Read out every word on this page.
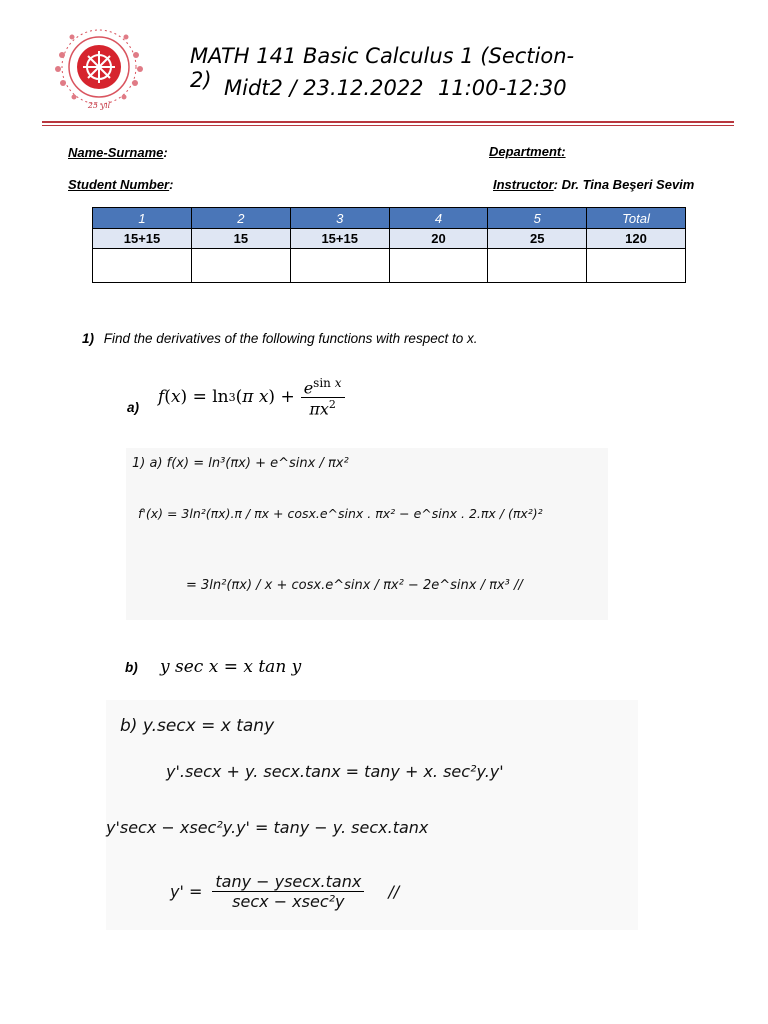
25 yıl
MATH 141 Basic Calculus 1 (Section-2) Midt2 / 23.12.2022 11:00-12:30
Name-Surname:	Department:
Student Number:	Instructor: Dr. Tina Beşeri Sevim
1	2	3	4	5	Total
15+15	15	15+15	20	25	120

1) Find the derivatives of the following functions with respect to x.
a)
f ( x ) = ln 3 ( π x ) + $\frac{e^{sin} ^x}{\pi x^2}$
1) a) f(x) = ln³(πx) + e^sinx / πx²
f'(x) = 3ln²(πx).π / πx + cosx.e^sinx . πx² − e^sinx . 2.πx / (πx²)²
= 3ln²(πx) / x + cosx.e^sinx / πx² − 2e^sinx / πx³ //
b) y sec x = x tan y
b) y.secx = x tany
y'.secx + y. secx.tanx = tany + x. sec²y.y'
y'secx − xsec²y.y' = tany − y. secx.tanx
$y' = \frac{\tan y - ysecx.\tan x}{\text{secx − xsec²y}}$ //
